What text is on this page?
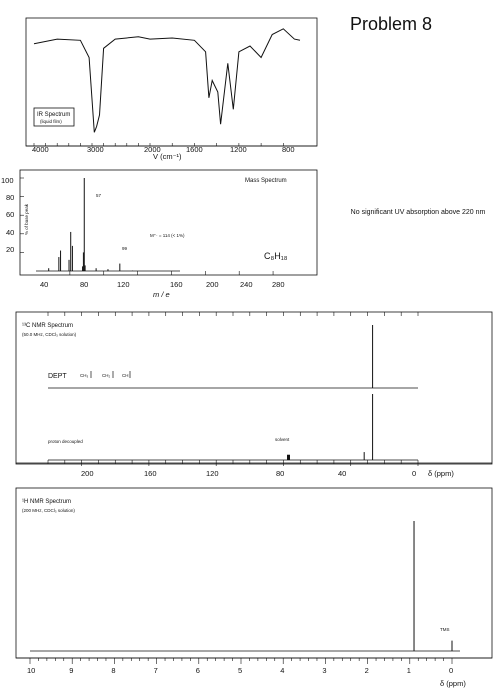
Problem 8
No significant UV absorption above 220 nm
IR Spectrum
(liquid film)
4000	3000	2000	1600	1200	800
V (cm⁻¹)
Mass Spectrum
% of base peak
100
80
60
40
20
57
99
M⁺· = 114 (< 1%)
C₈H₁₈
40	80	120	160	200	240	280
m / e
¹³C NMR Spectrum
(50.0 MHz, CDCl₃ solution)
DEPT	CH₃	CH₂	CH
proton decoupled	solvent
200	160	120	80	40	0 δ (ppm)
¹H NMR Spectrum
(200 MHz, CDCl₃ solution)
TMS
10	9	8	7	6	5	4	3	2	1	0
δ (ppm)
